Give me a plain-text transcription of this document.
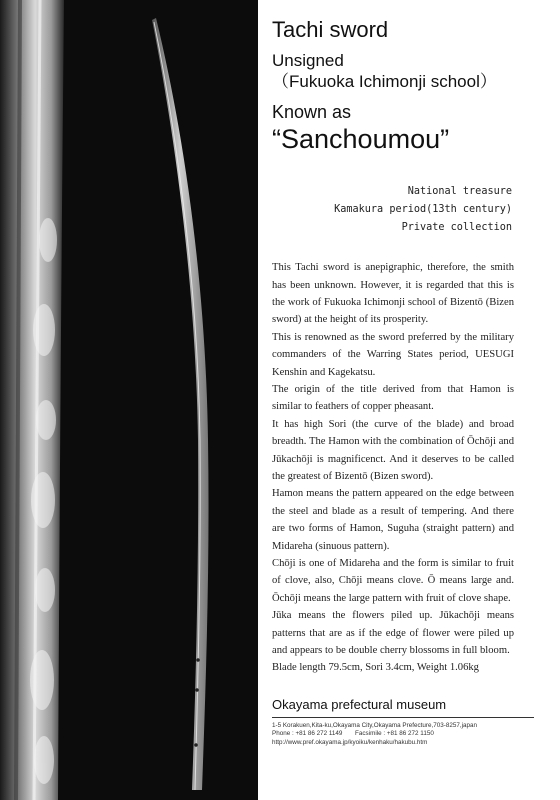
Tachi sword
Unsigned
（Fukuoka Ichimonji school）
Known as
“Sanchoumou”
National treasure
Kamakura period(13th century)
Private collection

This Tachi sword is anepigraphic, therefore, the smith has been unknown. However, it is regarded that this is the work of Fukuoka Ichimonji school of Bizentō (Bizen sword) at the height of its prosperity.

This is renowned as the sword preferred by the military commanders of the Warring States period, UESUGI Kenshin and Kagekatsu.

The origin of the title derived from that Hamon is similar to feathers of copper pheasant.

It has high Sori (the curve of the blade) and broad breadth. The Hamon with the combination of Ōchōji and Jūkachōji is magnificenct. And it deserves to be called the greatest of Bizentō (Bizen sword).

Hamon means the pattern appeared on the edge between the steel and blade as a result of tempering. And there are two forms of Hamon, Suguha (straight pattern) and Midareha (sinuous pattern).

Chōji is one of Midareha and the form is similar to fruit of clove, also, Chōji means clove. Ō means large and. Ōchōji means the large pattern with fruit of clove shape.

Jūka means the flowers piled up. Jūkachōji means patterns that are as if the edge of flower were piled up and appears to be double cherry blossoms in full bloom.

Blade length 79.5cm, Sori 3.4cm, Weight 1.06kg

Okayama prefectural museum
1-5 Korakuen,Kita-ku,Okayama City,Okayama Prefecture,703-8257,japan
Phone : +81 86 272 1149　　Facsimile : +81 86 272 1150
http://www.pref.okayama.jp/kyoiku/kenhaku/hakubu.htm
